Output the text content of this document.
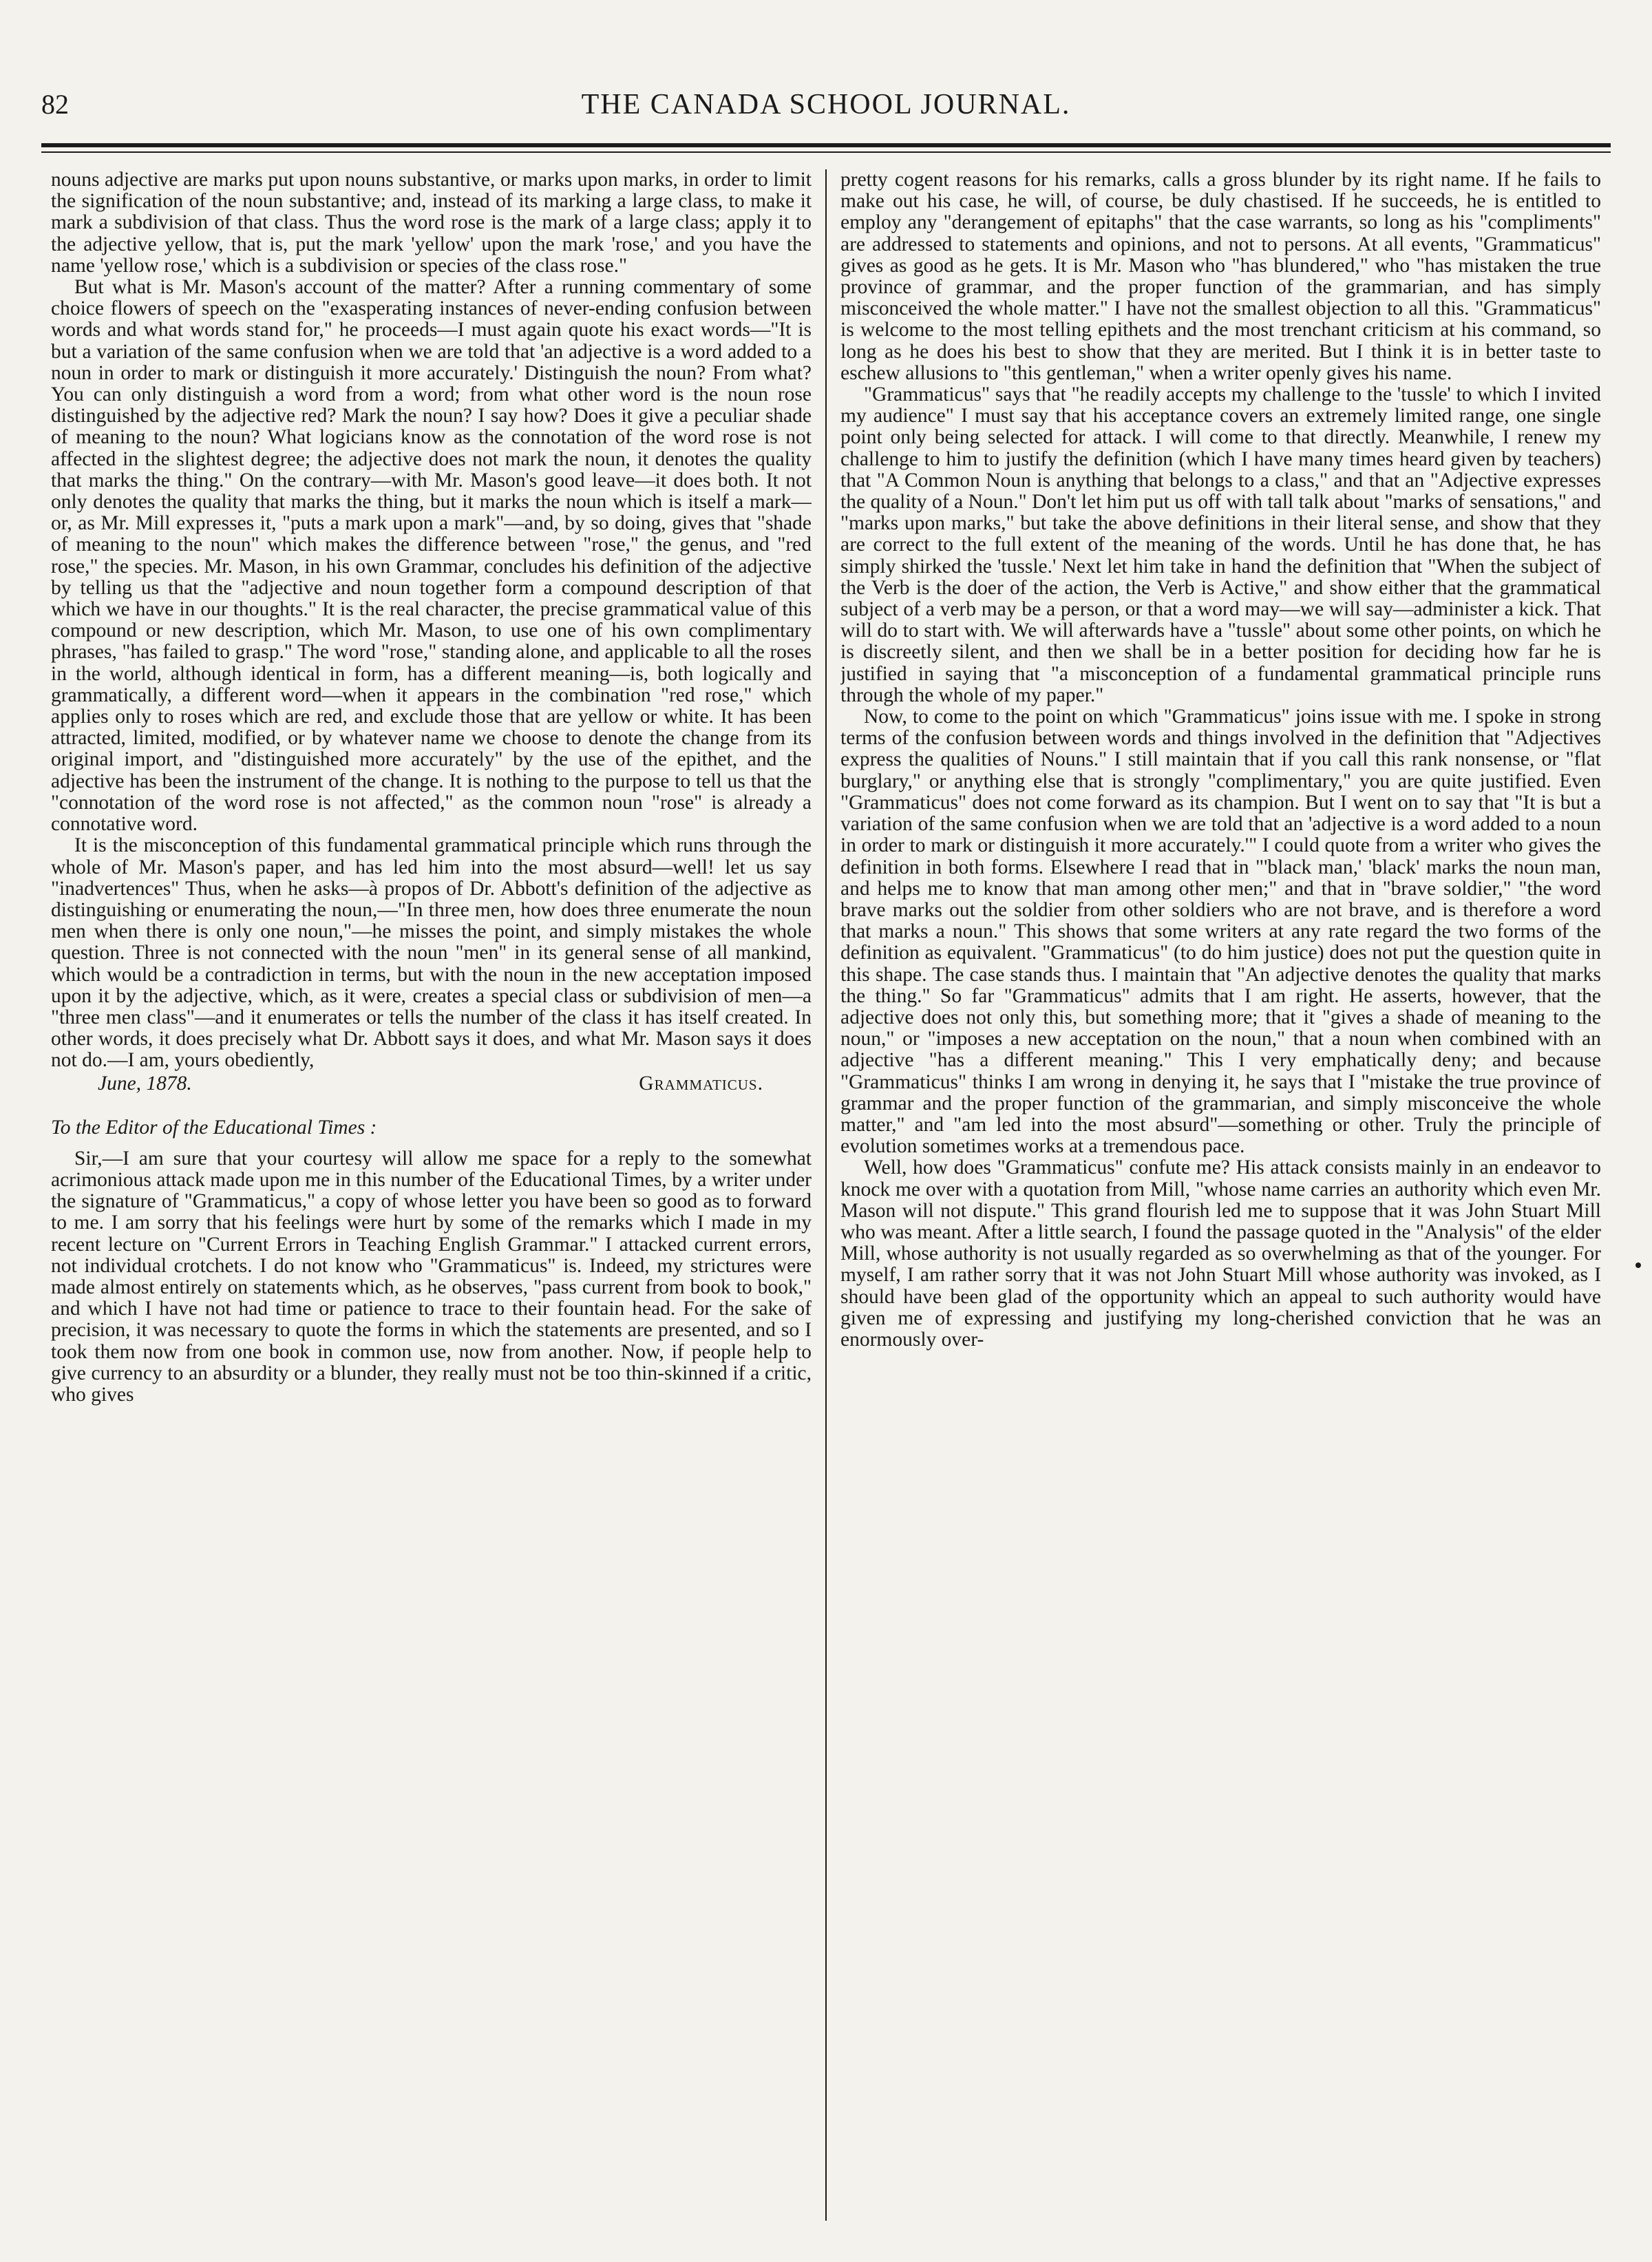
82	THE CANADA SCHOOL JOURNAL.

nouns adjective are marks put upon nouns substantive, or marks upon marks, in order to limit the signification of the noun substantive; and, instead of its marking a large class, to make it mark a subdivision of that class. Thus the word rose is the mark of a large class; apply it to the adjective yellow, that is, put the mark 'yellow' upon the mark 'rose,' and you have the name 'yellow rose,' which is a subdivision or species of the class rose."

But what is Mr. Mason's account of the matter? After a running commentary of some choice flowers of speech on the "exasperating instances of never-ending confusion between words and what words stand for," he proceeds—I must again quote his exact words—"It is but a variation of the same confusion when we are told that 'an adjective is a word added to a noun in order to mark or distinguish it more accurately.' Distinguish the noun? From what? You can only distinguish a word from a word; from what other word is the noun rose distinguished by the adjective red? Mark the noun? I say how? Does it give a peculiar shade of meaning to the noun? What logicians know as the connotation of the word rose is not affected in the slightest degree; the adjective does not mark the noun, it denotes the quality that marks the thing." On the contrary—with Mr. Mason's good leave—it does both. It not only denotes the quality that marks the thing, but it marks the noun which is itself a mark—or, as Mr. Mill expresses it, "puts a mark upon a mark"—and, by so doing, gives that "shade of meaning to the noun" which makes the difference between "rose," the genus, and "red rose," the species. Mr. Mason, in his own Grammar, concludes his definition of the adjective by telling us that the "adjective and noun together form a compound description of that which we have in our thoughts." It is the real character, the precise grammatical value of this compound or new description, which Mr. Mason, to use one of his own complimentary phrases, "has failed to grasp." The word "rose," standing alone, and applicable to all the roses in the world, although identical in form, has a different meaning—is, both logically and grammatically, a different word—when it appears in the combination "red rose," which applies only to roses which are red, and exclude those that are yellow or white. It has been attracted, limited, modified, or by whatever name we choose to denote the change from its original import, and "distinguished more accurately" by the use of the epithet, and the adjective has been the instrument of the change. It is nothing to the purpose to tell us that the "connotation of the word rose is not affected," as the common noun "rose" is already a connotative word.

It is the misconception of this fundamental grammatical principle which runs through the whole of Mr. Mason's paper, and has led him into the most absurd—well! let us say "inadvertences" Thus, when he asks—à propos of Dr. Abbott's definition of the adjective as distinguishing or enumerating the noun,—"In three men, how does three enumerate the noun men when there is only one noun,"—he misses the point, and simply mistakes the whole question. Three is not connected with the noun "men" in its general sense of all mankind, which would be a contradiction in terms, but with the noun in the new acceptation imposed upon it by the adjective, which, as it were, creates a special class or subdivision of men—a "three men class"—and it enumerates or tells the number of the class it has itself created. In other words, it does precisely what Dr. Abbott says it does, and what Mr. Mason says it does not do.—I am, yours obediently,

June, 1878.	Grammaticus.

To the Editor of the Educational Times :

Sir,—I am sure that your courtesy will allow me space for a reply to the somewhat acrimonious attack made upon me in this number of the Educational Times, by a writer under the signature of "Grammaticus," a copy of whose letter you have been so good as to forward to me. I am sorry that his feelings were hurt by some of the remarks which I made in my recent lecture on "Current Errors in Teaching English Grammar." I attacked current errors, not individual crotchets. I do not know who "Grammaticus" is. Indeed, my strictures were made almost entirely on statements which, as he observes, "pass current from book to book," and which I have not had time or patience to trace to their fountain head. For the sake of precision, it was necessary to quote the forms in which the statements are presented, and so I took them now from one book in common use, now from another. Now, if people help to give currency to an absurdity or a blunder, they really must not be too thin-skinned if a critic, who gives

pretty cogent reasons for his remarks, calls a gross blunder by its right name. If he fails to make out his case, he will, of course, be duly chastised. If he succeeds, he is entitled to employ any "derangement of epitaphs" that the case warrants, so long as his "compliments" are addressed to statements and opinions, and not to persons. At all events, "Grammaticus" gives as good as he gets. It is Mr. Mason who "has blundered," who "has mistaken the true province of grammar, and the proper function of the grammarian, and has simply misconceived the whole matter." I have not the smallest objection to all this. "Grammaticus" is welcome to the most telling epithets and the most trenchant criticism at his command, so long as he does his best to show that they are merited. But I think it is in better taste to eschew allusions to "this gentleman," when a writer openly gives his name.

"Grammaticus" says that "he readily accepts my challenge to the 'tussle' to which I invited my audience" I must say that his acceptance covers an extremely limited range, one single point only being selected for attack. I will come to that directly. Meanwhile, I renew my challenge to him to justify the definition (which I have many times heard given by teachers) that "A Common Noun is anything that belongs to a class," and that an "Adjective expresses the quality of a Noun." Don't let him put us off with tall talk about "marks of sensations," and "marks upon marks," but take the above definitions in their literal sense, and show that they are correct to the full extent of the meaning of the words. Until he has done that, he has simply shirked the 'tussle.' Next let him take in hand the definition that "When the subject of the Verb is the doer of the action, the Verb is Active," and show either that the grammatical subject of a verb may be a person, or that a word may—we will say—administer a kick. That will do to start with. We will afterwards have a "tussle" about some other points, on which he is discreetly silent, and then we shall be in a better position for deciding how far he is justified in saying that "a misconception of a fundamental grammatical principle runs through the whole of my paper."

Now, to come to the point on which "Grammaticus" joins issue with me. I spoke in strong terms of the confusion between words and things involved in the definition that "Adjectives express the qualities of Nouns." I still maintain that if you call this rank nonsense, or "flat burglary," or anything else that is strongly "complimentary," you are quite justified. Even "Grammaticus" does not come forward as its champion. But I went on to say that "It is but a variation of the same confusion when we are told that an 'adjective is a word added to a noun in order to mark or distinguish it more accurately.'" I could quote from a writer who gives the definition in both forms. Elsewhere I read that in "'black man,' 'black' marks the noun man, and helps me to know that man among other men;" and that in "brave soldier," "the word brave marks out the soldier from other soldiers who are not brave, and is therefore a word that marks a noun." This shows that some writers at any rate regard the two forms of the definition as equivalent. "Grammaticus" (to do him justice) does not put the question quite in this shape. The case stands thus. I maintain that "An adjective denotes the quality that marks the thing." So far "Grammaticus" admits that I am right. He asserts, however, that the adjective does not only this, but something more; that it "gives a shade of meaning to the noun," or "imposes a new acceptation on the noun," that a noun when combined with an adjective "has a different meaning." This I very emphatically deny; and because "Grammaticus" thinks I am wrong in denying it, he says that I "mistake the true province of grammar and the proper function of the grammarian, and simply misconceive the whole matter," and "am led into the most absurd"—something or other. Truly the principle of evolution sometimes works at a tremendous pace.

Well, how does "Grammaticus" confute me? His attack consists mainly in an endeavor to knock me over with a quotation from Mill, "whose name carries an authority which even Mr. Mason will not dispute." This grand flourish led me to suppose that it was John Stuart Mill who was meant. After a little search, I found the passage quoted in the "Analysis" of the elder Mill, whose authority is not usually regarded as so overwhelming as that of the younger. For myself, I am rather sorry that it was not John Stuart Mill whose authority was invoked, as I should have been glad of the opportunity which an appeal to such authority would have given me of expressing and justifying my long-cherished conviction that he was an enormously over-
